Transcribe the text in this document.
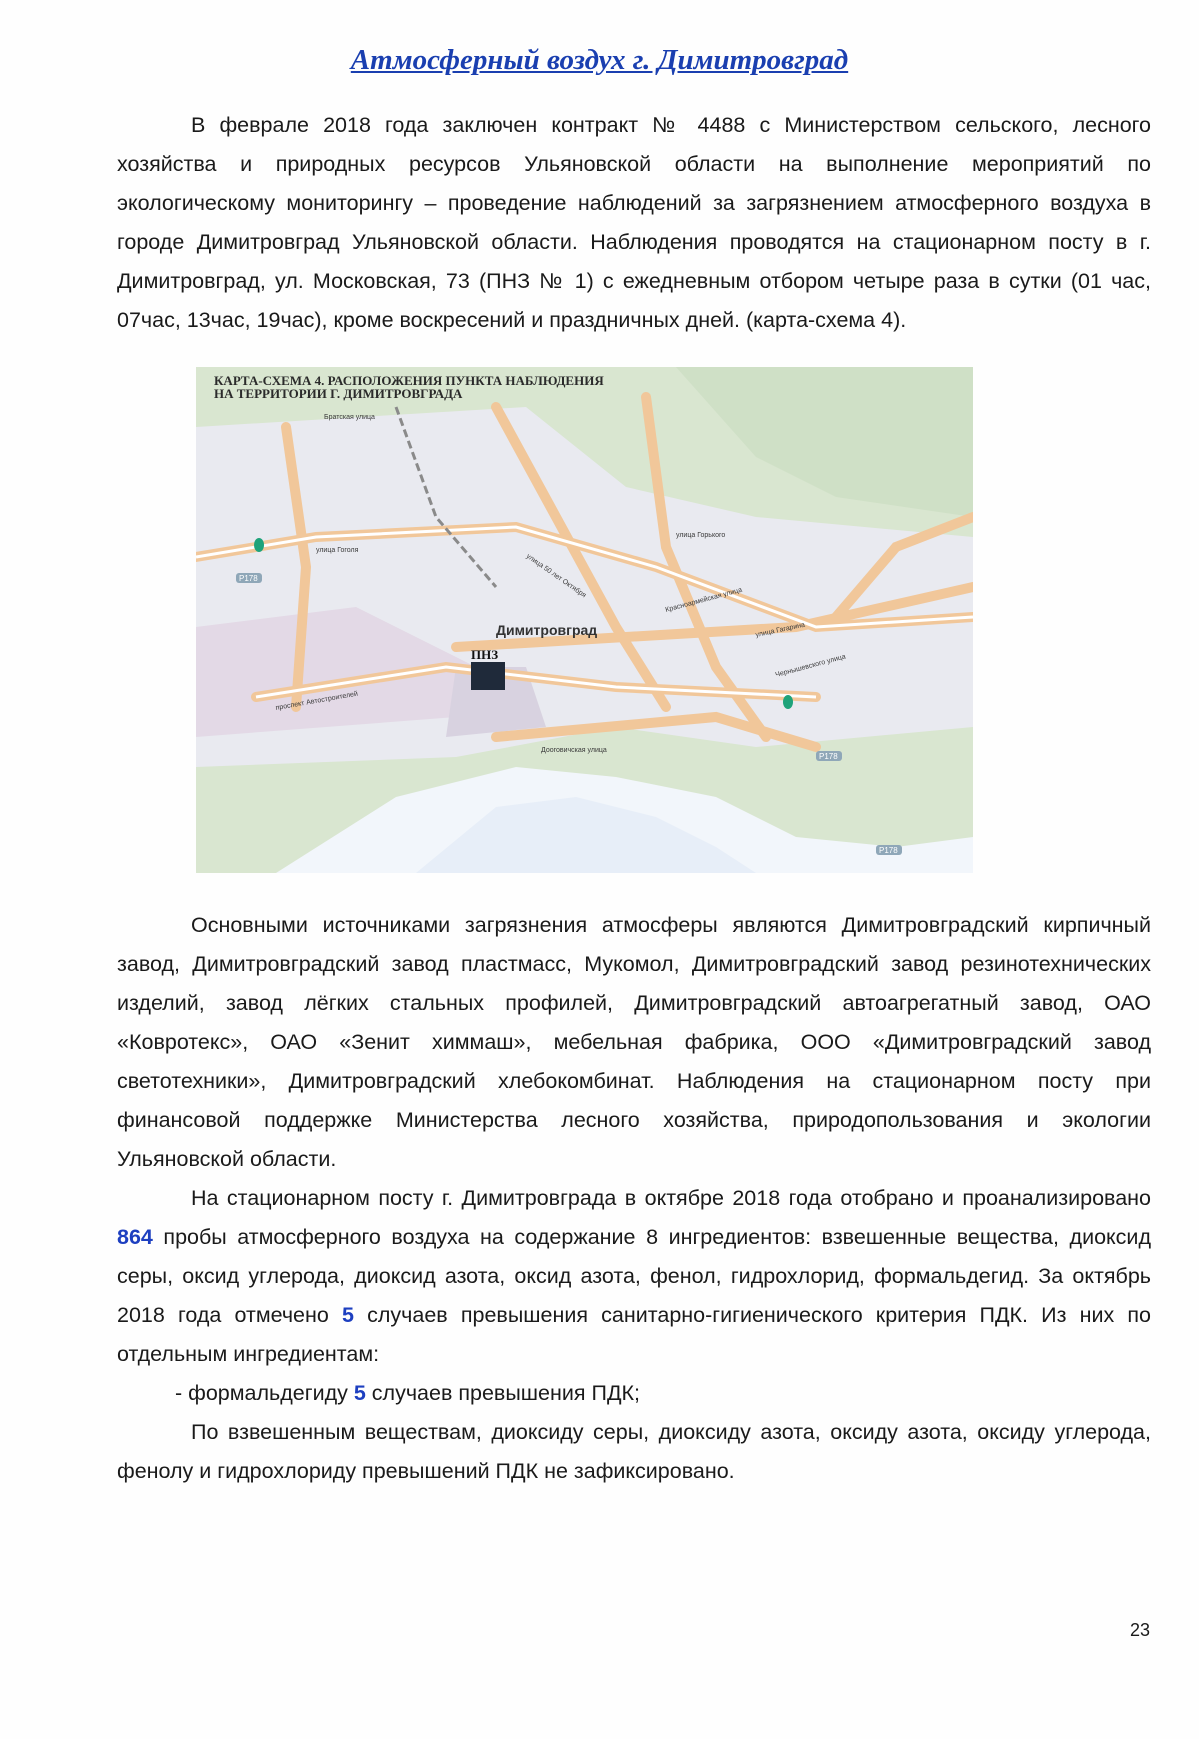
Атмосферный воздух г. Димитровград

В феврале 2018 года заключен контракт № 4488 с Министерством сельского, лесного хозяйства и природных ресурсов Ульяновской области на выполнение мероприятий по экологическому мониторингу – проведение наблюдений за загрязнением атмосферного воздуха в городе Димитровград Ульяновской области. Наблюдения проводятся на стационарном посту в г. Димитровград, ул. Московская, 73 (ПНЗ № 1) с ежедневным отбором четыре раза в сутки (01 час, 07час, 13час, 19час), кроме воскресений и праздничных дней. (карта-схема 4).

КАРТА-СХЕМА 4. РАСПОЛОЖЕНИЯ ПУНКТА НАБЛЮДЕНИЯ
НА ТЕРРИТОРИИ Г. ДИМИТРОВГРАДА
Димитровград
ПНЗ
Братская улица
улица Гоголя
улица 50 лет Октября
улица Горького
проспект Автостроителей
Дооговичская улица
улица Гагарина
Чернышевского улица
Красноармейская улица
P178
P178
P178

Основными источниками загрязнения атмосферы являются Димитровградский кирпичный завод, Димитровградский завод пластмасс, Мукомол, Димитровградский завод резинотехнических изделий, завод лёгких стальных профилей, Димитровградский автоагрегатный завод, ОАО «Ковротекс», ОАО «Зенит химмаш», мебельная фабрика, ООО «Димитровградский завод светотехники», Димитровградский хлебокомбинат. Наблюдения на стационарном посту при финансовой поддержке Министерства лесного хозяйства, природопользования и экологии Ульяновской области.

На стационарном посту г. Димитровграда в октябре 2018 года отобрано и проанализировано 864 пробы атмосферного воздуха на содержание 8 ингредиентов: взвешенные вещества, диоксид серы, оксид углерода, диоксид азота, оксид азота, фенол, гидрохлорид, формальдегид. За октябрь 2018 года отмечено 5 случаев превышения санитарно-гигиенического критерия ПДК. Из них по отдельным ингредиентам:

- формальдегиду 5 случаев превышения ПДК;

По взвешенным веществам, диоксиду серы, диоксиду азота, оксиду азота, оксиду углерода, фенолу и гидрохлориду превышений ПДК не зафиксировано.

23
